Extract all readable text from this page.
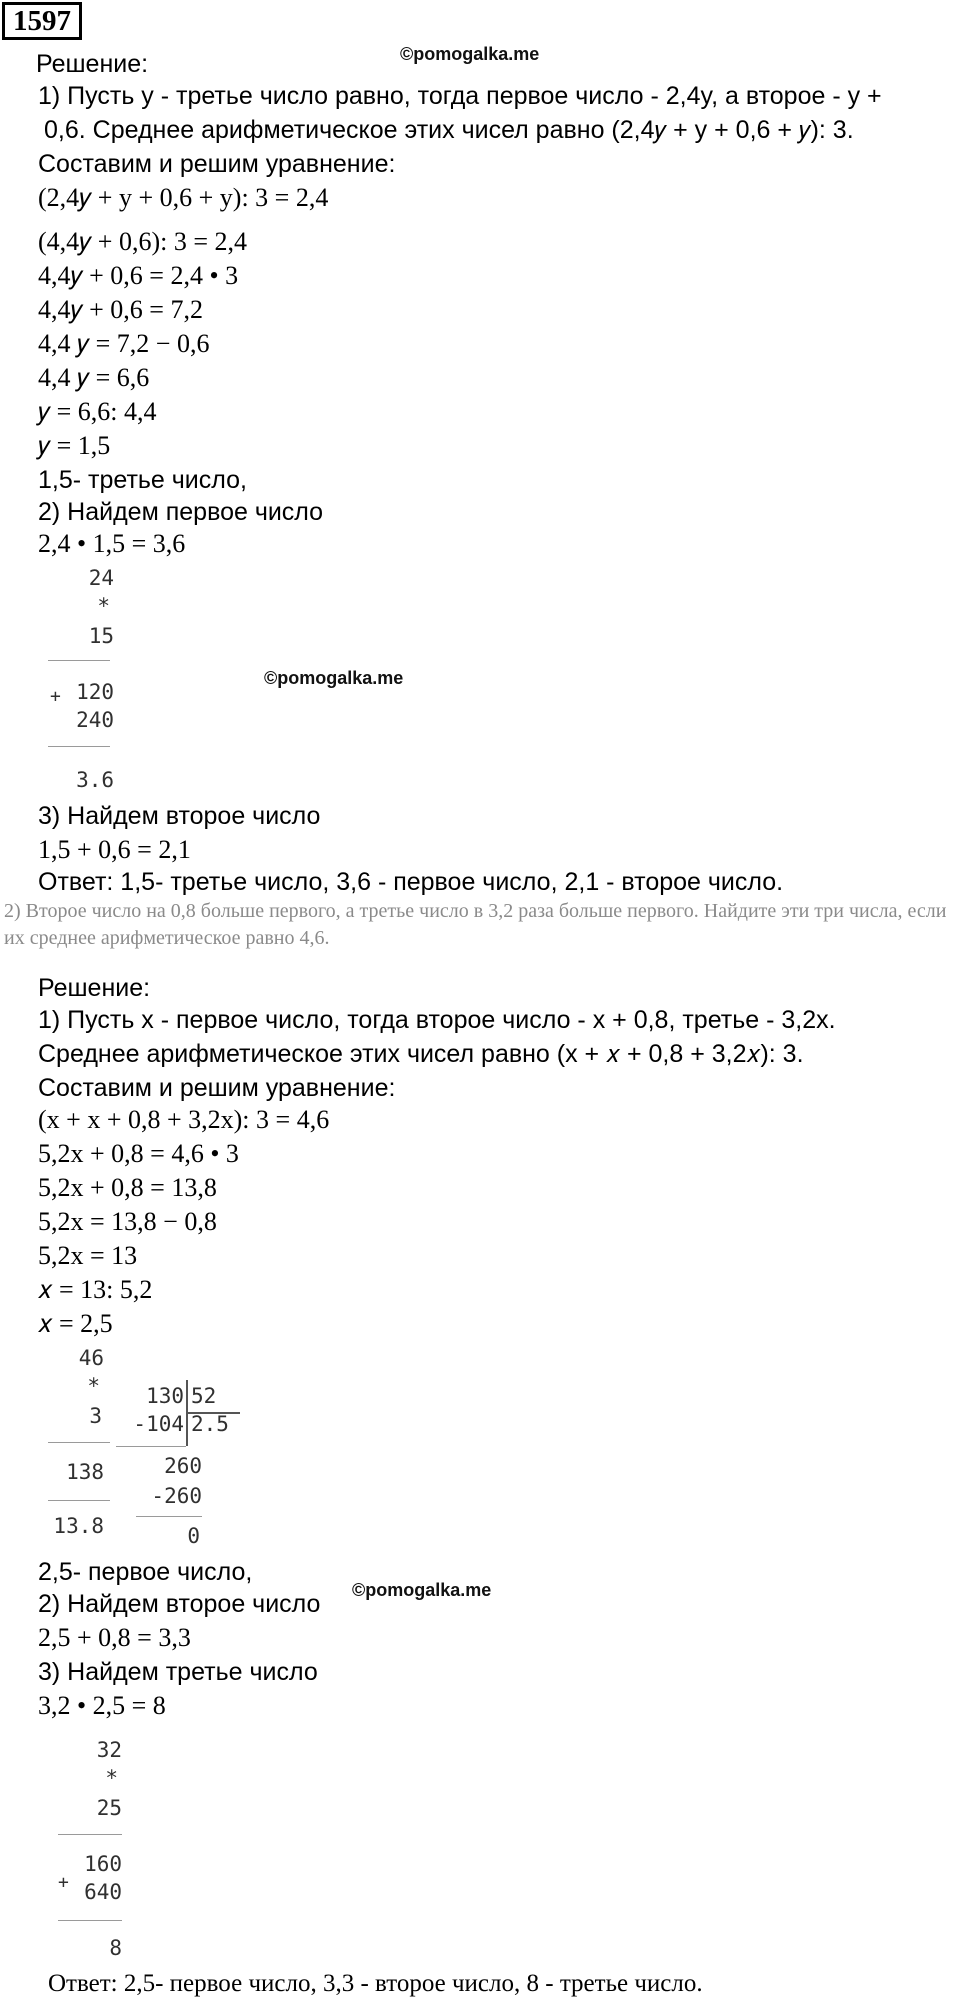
1597
©pomogalka.me
©pomogalka.me
©pomogalka.me
Решение:
1) Пусть y - третье число равно, тогда первое число - 2,4y, а второе - y +
0,6. Среднее арифметическое этих чисел равно (2,4𝑦 + y + 0,6 + 𝑦): 3.
Составим и решим уравнение:
(2,4𝑦 + y + 0,6 + y): 3 = 2,4
(4,4𝑦 + 0,6): 3 = 2,4
4,4𝑦 + 0,6 = 2,4 • 3
4,4𝑦 + 0,6 = 7,2
4,4 𝑦 = 7,2 − 0,6
4,4 𝑦 = 6,6
𝑦 = 6,6: 4,4
𝑦 = 1,5
1,5- третье число,
2) Найдем первое число
2,4 • 1,5 = 3,6
24
*
15
+ 120
240
3.6
3) Найдем второе число
1,5 + 0,6 = 2,1
Ответ: 1,5- третье число, 3,6 - первое число, 2,1 - второе число.
2) Второе число на 0,8 больше первого, а третье число в 3,2 раза больше первого. Найдите эти три числа, если их среднее арифметическое равно 4,6.
Решение:
1) Пусть x - первое число, тогда второе число - x + 0,8, третье - 3,2x.
Среднее арифметическое этих чисел равно (x + 𝑥 + 0,8 + 3,2𝑥): 3.
Составим и решим уравнение:
(x + x + 0,8 + 3,2x): 3 = 4,6
5,2x + 0,8 = 4,6 • 3
5,2x + 0,8 = 13,8
5,2x = 13,8 − 0,8
5,2x = 13
𝑥 = 13: 5,2
𝑥 = 2,5
46
*
3
138
13.8
130 52
-104 2.5
260
-260
0
2,5- первое число,
2) Найдем второе число
2,5 + 0,8 = 3,3
3) Найдем третье число
3,2 • 2,5 = 8
32
*
25
+
160
640
8
Ответ: 2,5- первое число, 3,3 - второе число, 8 - третье число.
